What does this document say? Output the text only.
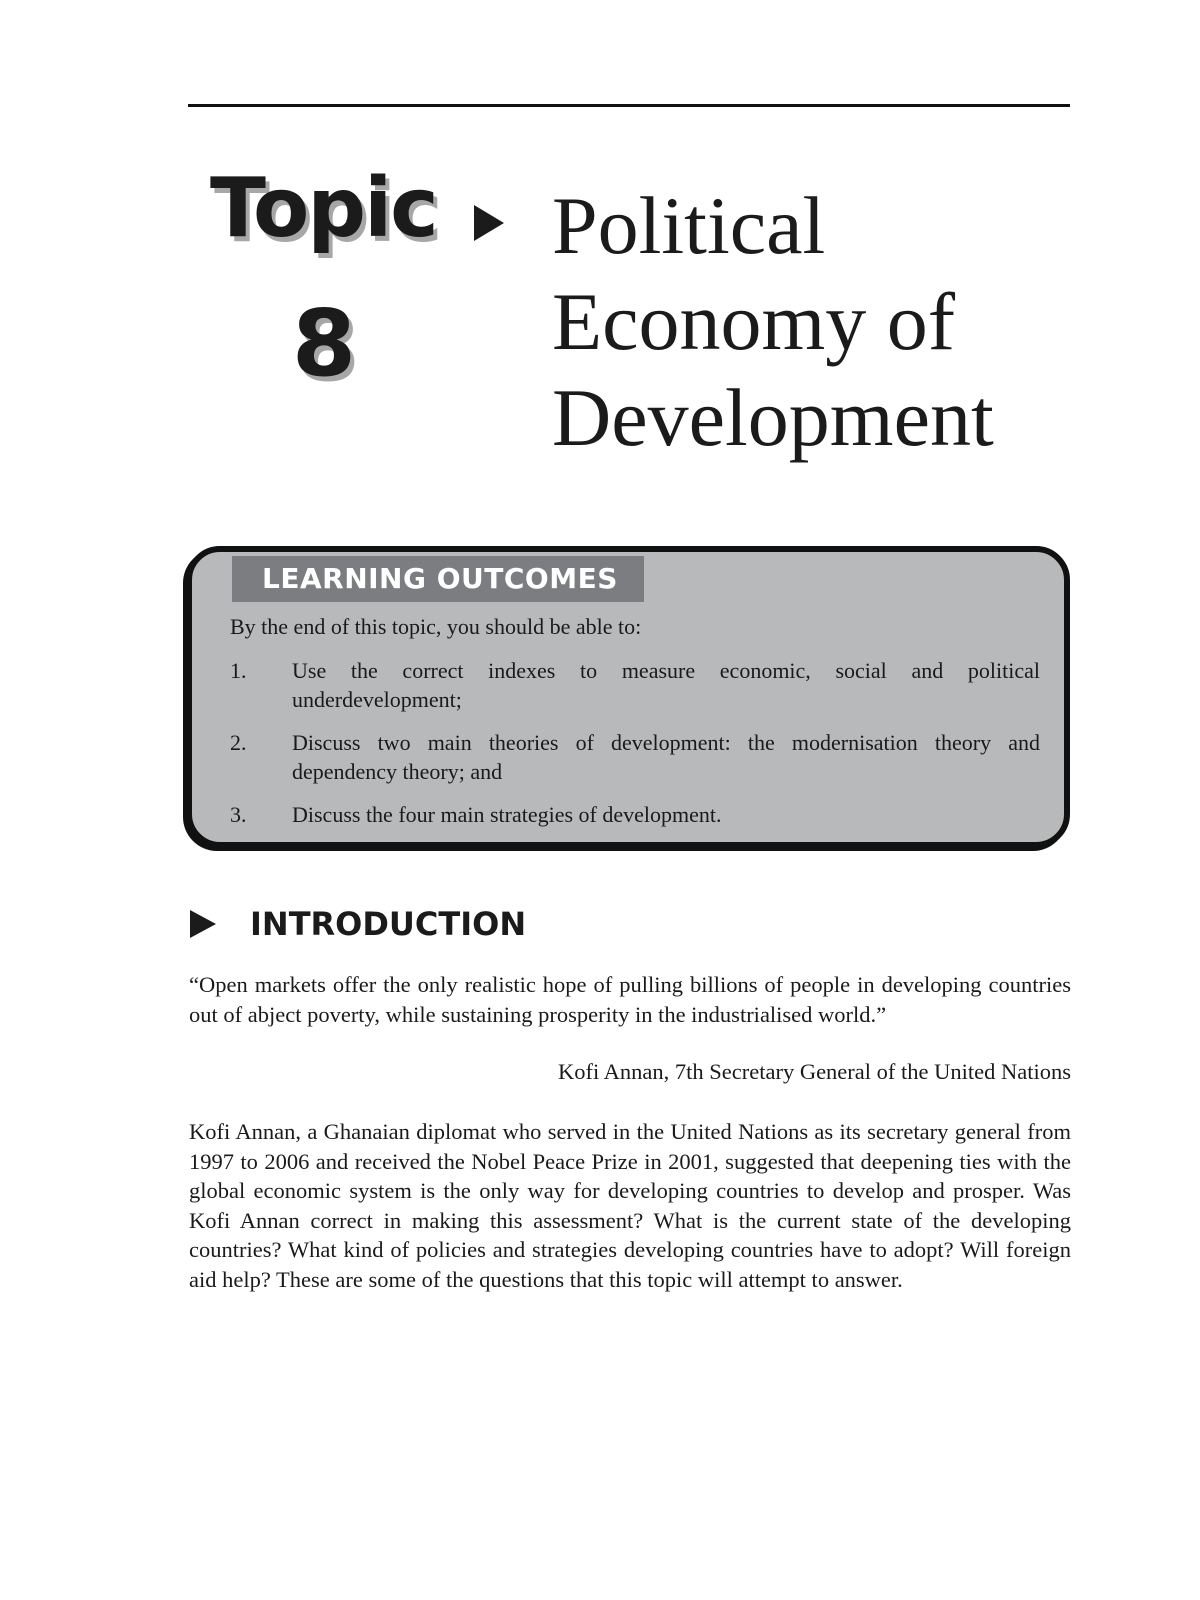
Topic
8
Political
Economy of
Development
LEARNING OUTCOMES
By the end of this topic, you should be able to:
1.	Use the correct indexes to measure economic, social and political underdevelopment;
2.	Discuss two main theories of development: the modernisation theory and dependency theory; and
3.	Discuss the four main strategies of development.
INTRODUCTION
“Open markets offer the only realistic hope of pulling billions of people in developing countries out of abject poverty, while sustaining prosperity in the industrialised world.”
Kofi Annan, 7th Secretary General of the United Nations
Kofi Annan, a Ghanaian diplomat who served in the United Nations as its secretary general from 1997 to 2006 and received the Nobel Peace Prize in 2001, suggested that deepening ties with the global economic system is the only way for developing countries to develop and prosper. Was Kofi Annan correct in making this assessment? What is the current state of the developing countries? What kind of policies and strategies developing countries have to adopt? Will foreign aid help? These are some of the questions that this topic will attempt to answer.
